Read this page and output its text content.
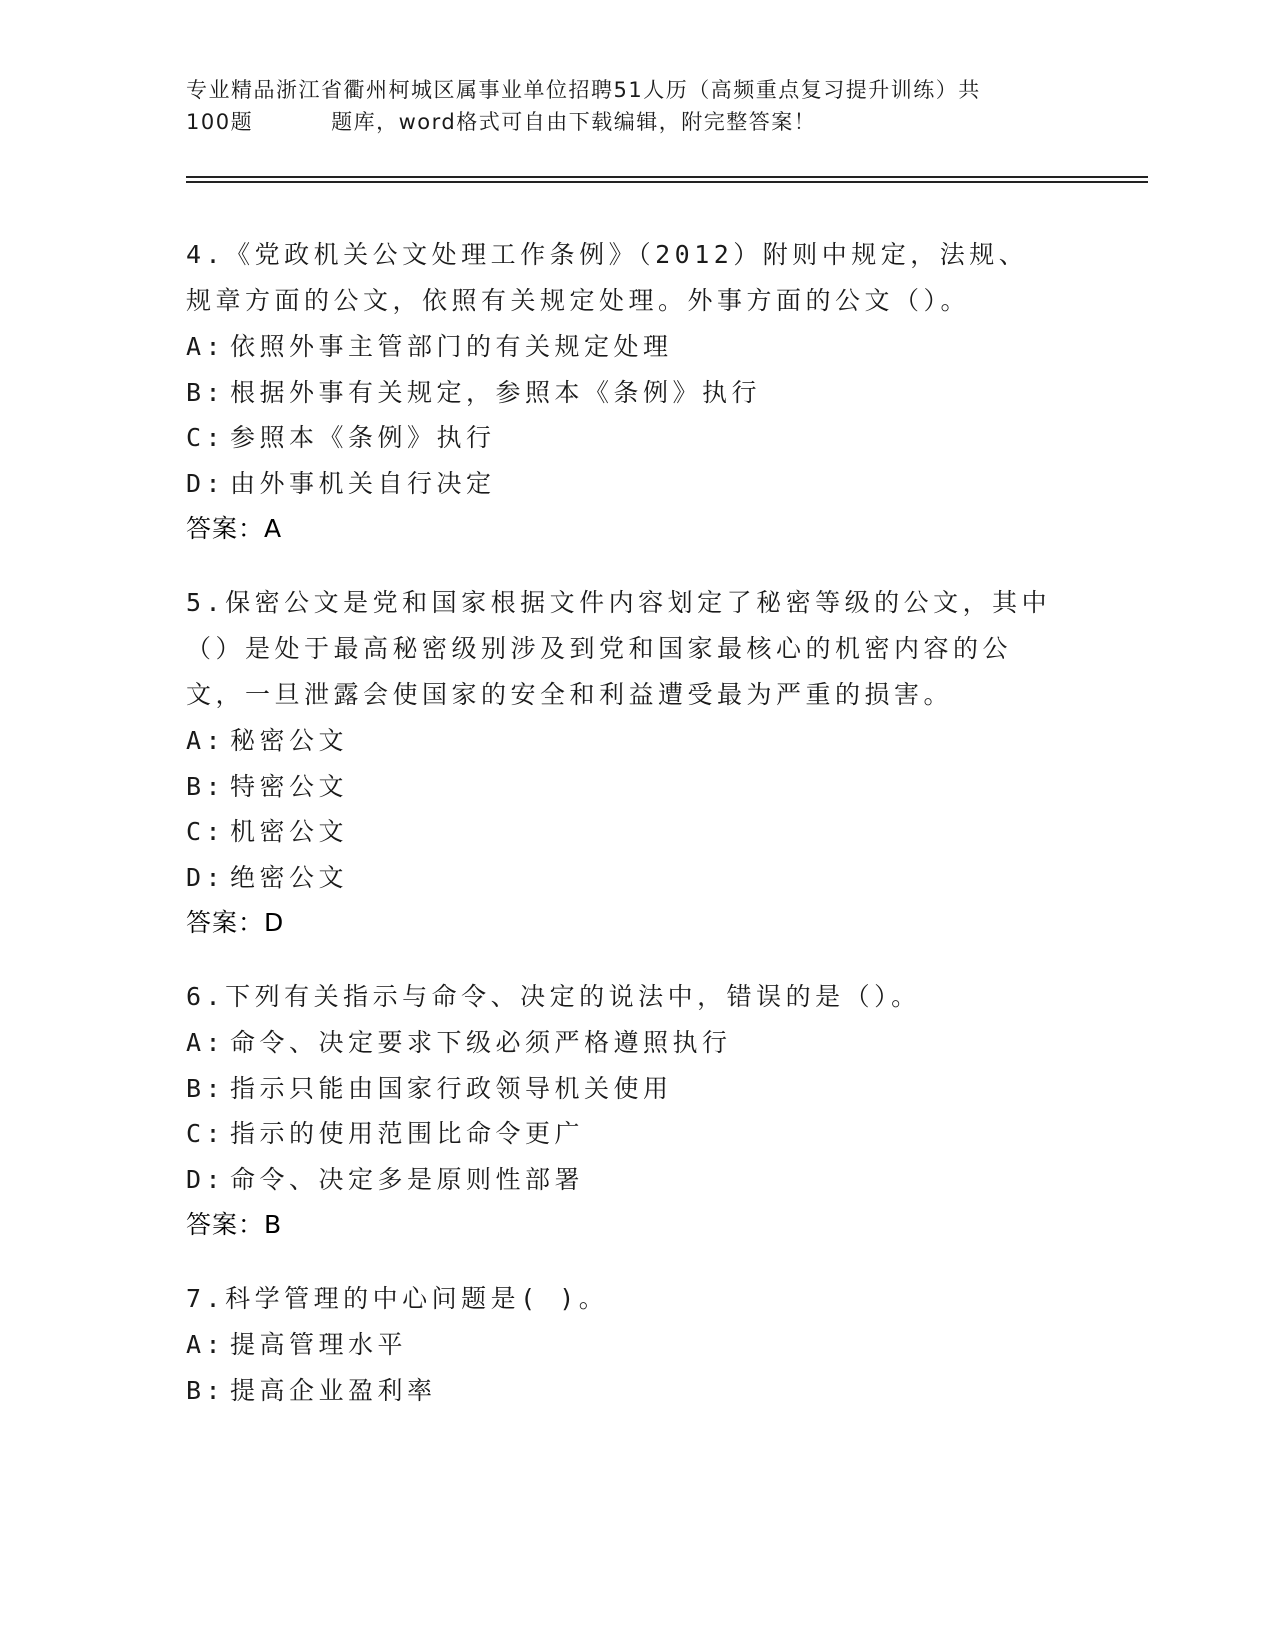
专业精品浙江省衢州柯城区属事业单位招聘51人历（高频重点复习提升训练）共
100题	题库，word格式可自由下载编辑，附完整答案！

4.《党政机关公文处理工作条例》（2012）附则中规定，法规、规章方面的公文，依照有关规定处理。外事方面的公文（）。

A: 依照外事主管部门的有关规定处理
B: 根据外事有关规定，参照本《条例》执行
C: 参照本《条例》执行
D: 由外事机关自行决定
答案：A

5.保密公文是党和国家根据文件内容划定了秘密等级的公文，其中（）是处于最高秘密级别涉及到党和国家最核心的机密内容的公文，一旦泄露会使国家的安全和利益遭受最为严重的损害。

A: 秘密公文
B: 特密公文
C: 机密公文
D: 绝密公文
答案：D

6.下列有关指示与命令、决定的说法中，错误的是（）。

A: 命令、决定要求下级必须严格遵照执行
B: 指示只能由国家行政领导机关使用
C: 指示的使用范围比命令更广
D: 命令、决定多是原则性部署
答案：B

7.科学管理的中心问题是( )。

A: 提高管理水平
B: 提高企业盈利率
